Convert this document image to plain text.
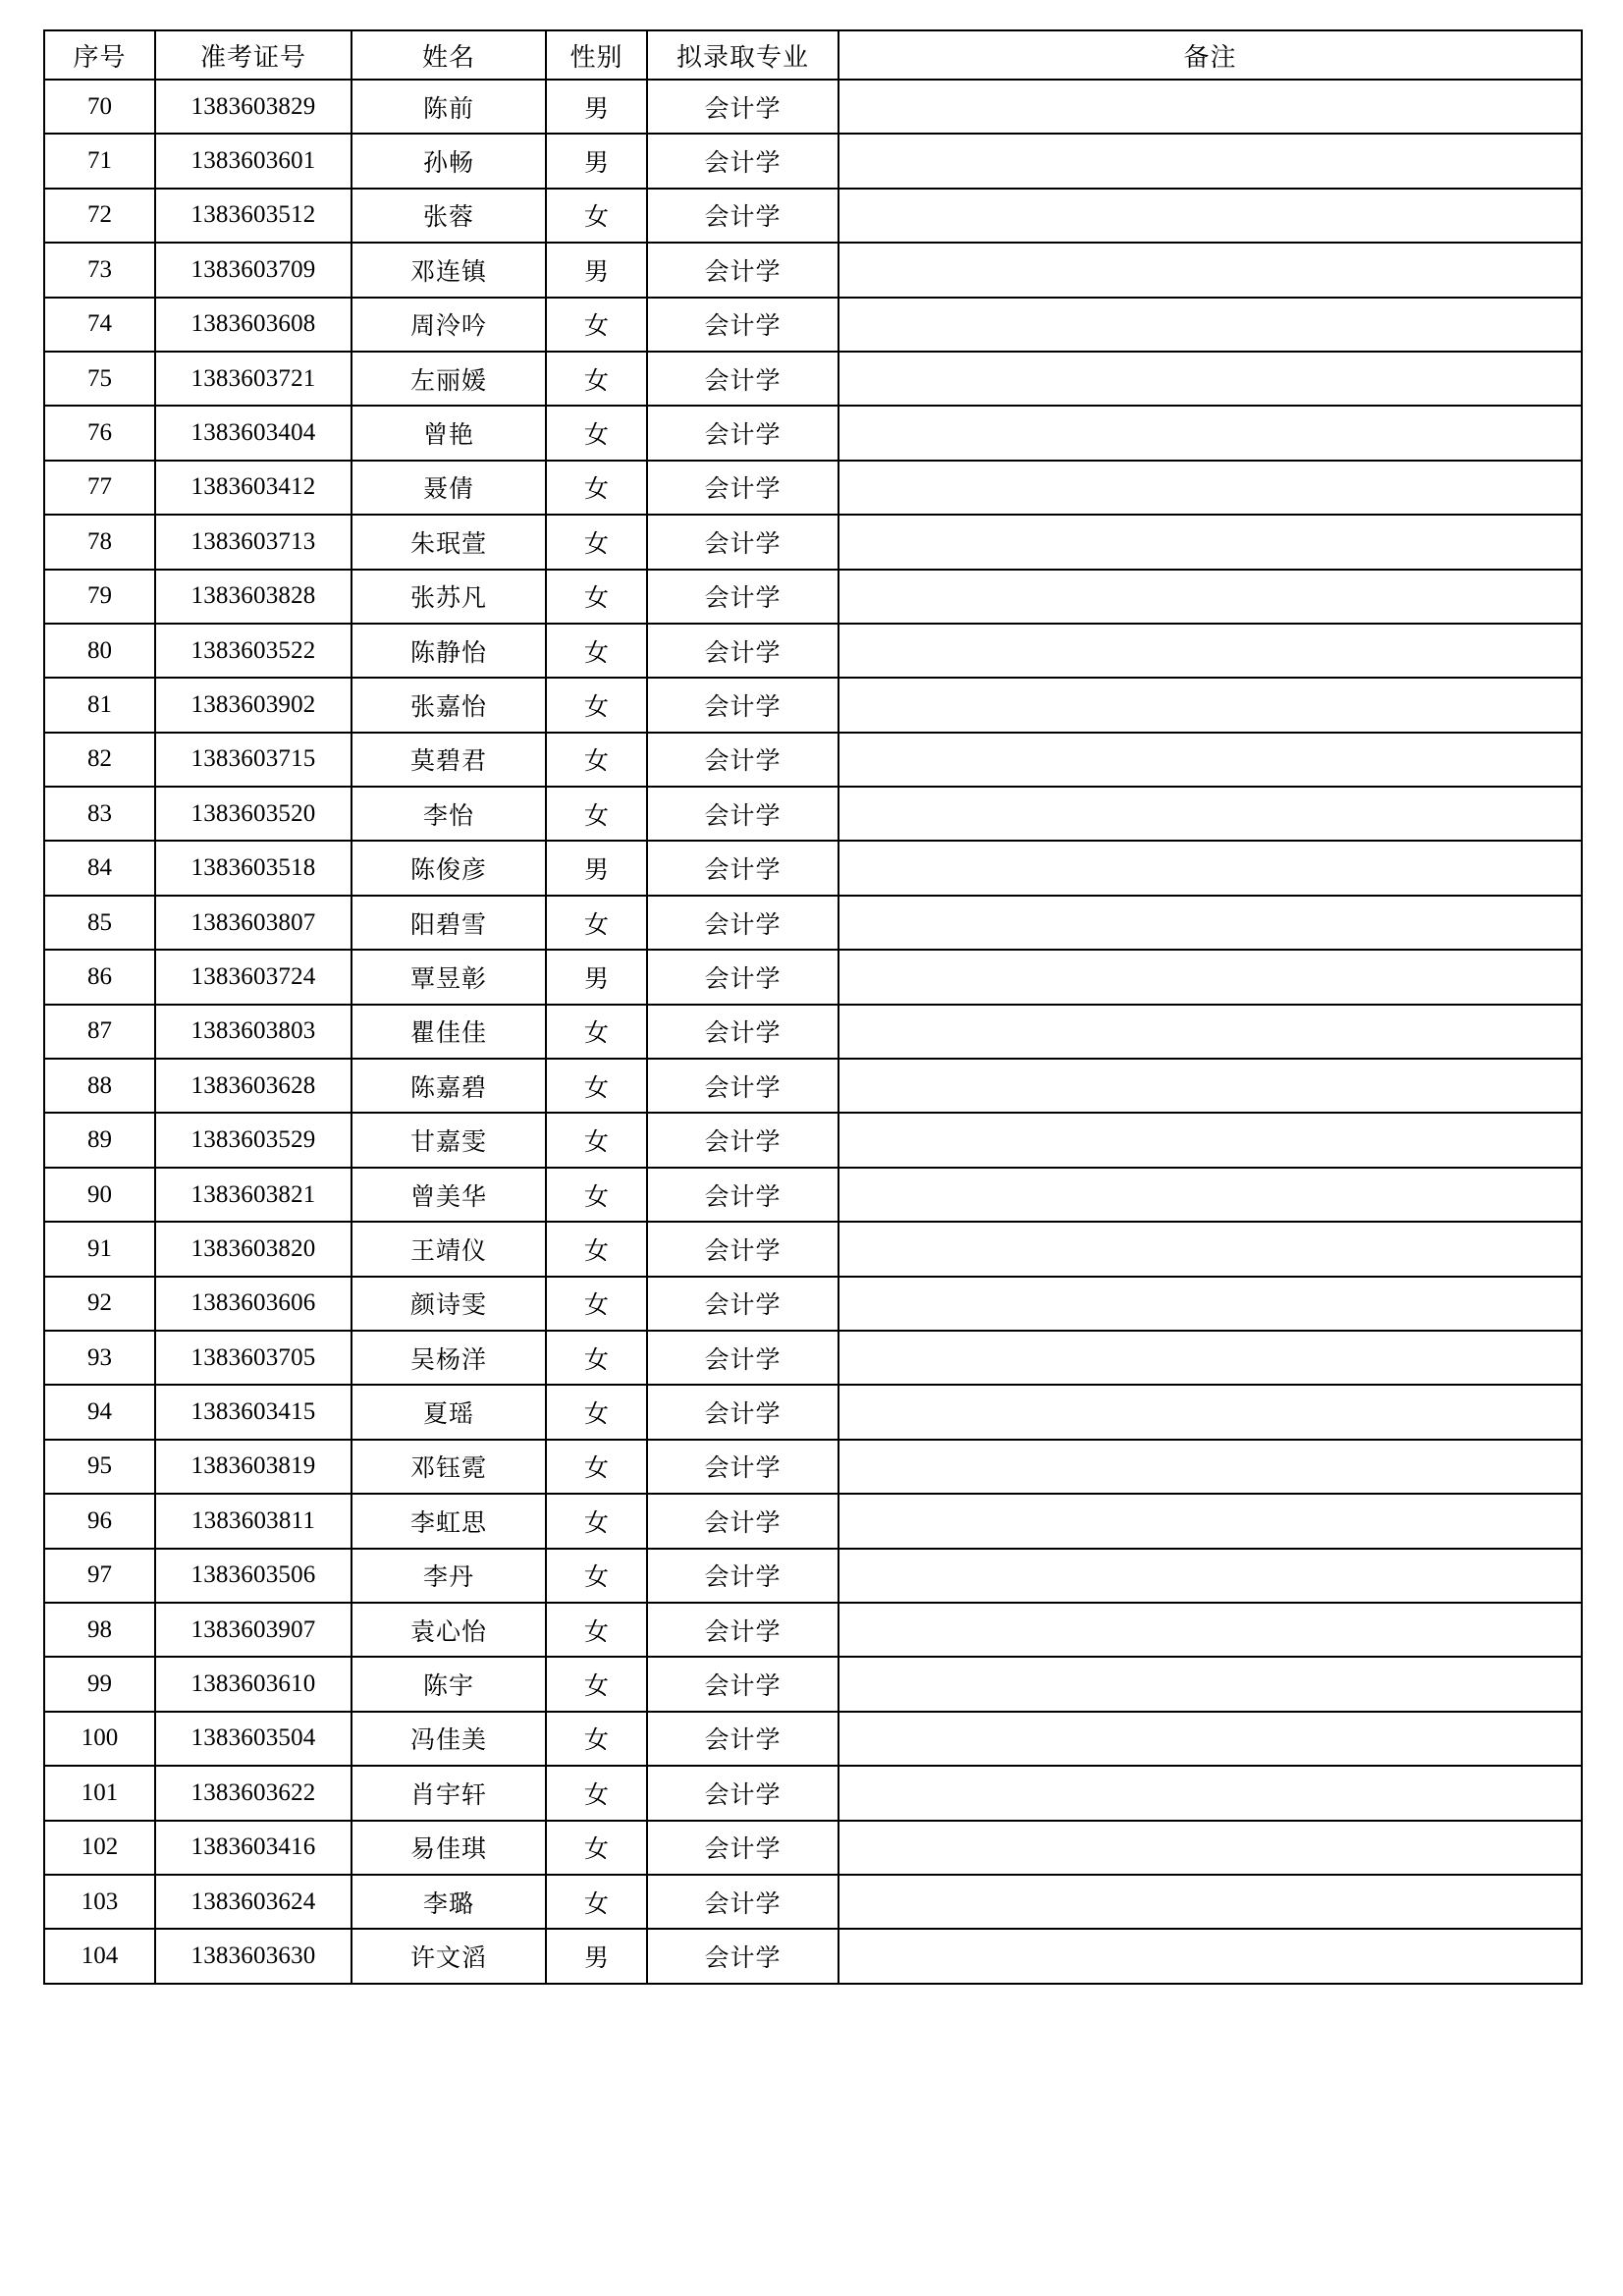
序号	准考证号	姓名	性别	拟录取专业	备注
70	1383603829	陈前	男	会计学	
71	1383603601	孙畅	男	会计学	
72	1383603512	张蓉	女	会计学	
73	1383603709	邓连镇	男	会计学	
74	1383603608	周泠吟	女	会计学	
75	1383603721	左丽媛	女	会计学	
76	1383603404	曾艳	女	会计学	
77	1383603412	聂倩	女	会计学	
78	1383603713	朱珉萱	女	会计学	
79	1383603828	张苏凡	女	会计学	
80	1383603522	陈静怡	女	会计学	
81	1383603902	张嘉怡	女	会计学	
82	1383603715	莫碧君	女	会计学	
83	1383603520	李怡	女	会计学	
84	1383603518	陈俊彦	男	会计学	
85	1383603807	阳碧雪	女	会计学	
86	1383603724	覃昱彰	男	会计学	
87	1383603803	瞿佳佳	女	会计学	
88	1383603628	陈嘉碧	女	会计学	
89	1383603529	甘嘉雯	女	会计学	
90	1383603821	曾美华	女	会计学	
91	1383603820	王靖仪	女	会计学	
92	1383603606	颜诗雯	女	会计学	
93	1383603705	吴杨洋	女	会计学	
94	1383603415	夏瑶	女	会计学	
95	1383603819	邓钰霓	女	会计学	
96	1383603811	李虹思	女	会计学	
97	1383603506	李丹	女	会计学	
98	1383603907	袁心怡	女	会计学	
99	1383603610	陈宇	女	会计学	
100	1383603504	冯佳美	女	会计学	
101	1383603622	肖宇轩	女	会计学	
102	1383603416	易佳琪	女	会计学	
103	1383603624	李璐	女	会计学	
104	1383603630	许文滔	男	会计学	
